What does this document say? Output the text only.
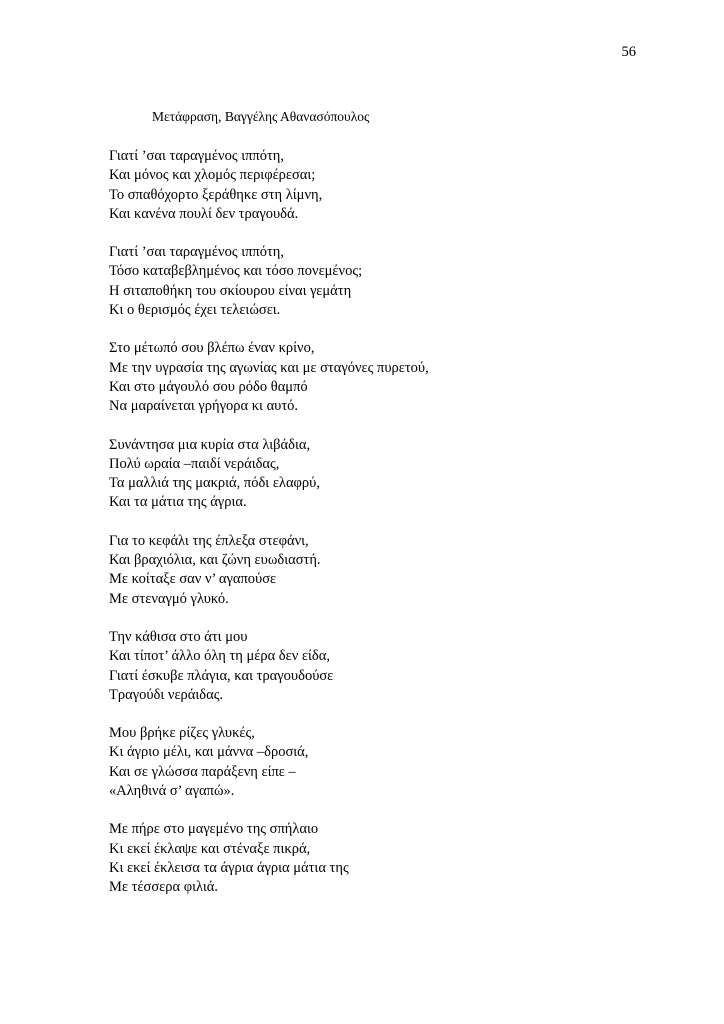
56
Μετάφραση, Βαγγέλης Αθανασόπουλος
Γιατί ’σαι ταραγμένος ιππότη,
Και μόνος και χλομός περιφέρεσαι;
Το σπαθόχορτο ξεράθηκε στη λίμνη,
Και κανένα πουλί δεν τραγουδά.
Γιατί ’σαι ταραγμένος ιππότη,
Τόσο καταβεβλημένος και τόσο πονεμένος;
Η σιταποθήκη του σκίουρου είναι γεμάτη
Κι ο θερισμός έχει τελειώσει.
Στο μέτωπό σου βλέπω έναν κρίνο,
Με την υγρασία της αγωνίας και με σταγόνες πυρετού,
Και στο μάγουλό σου ρόδο θαμπό
Να μαραίνεται γρήγορα κι αυτό.
Συνάντησα μια κυρία στα λιβάδια,
Πολύ ωραία –παιδί νεράιδας,
Τα μαλλιά της μακριά, πόδι ελαφρύ,
Και τα μάτια της άγρια.
Για το κεφάλι της έπλεξα στεφάνι,
Και βραχιόλια, και ζώνη ευωδιαστή.
Με κοίταξε σαν ν’ αγαπούσε
Με στεναγμό γλυκό.
Την κάθισα στο άτι μου
Και τίποτ’ άλλο όλη τη μέρα δεν είδα,
Γιατί έσκυβε πλάγια, και τραγουδούσε
Τραγούδι νεράιδας.
Μου βρήκε ρίζες γλυκές,
Κι άγριο μέλι, και μάννα –δροσιά,
Και σε γλώσσα παράξενη είπε –
«Αληθινά σ’ αγαπώ».
Με πήρε στο μαγεμένο της σπήλαιο
Κι εκεί έκλαψε και στέναξε πικρά,
Κι εκεί έκλεισα τα άγρια άγρια μάτια της
Με τέσσερα φιλιά.
